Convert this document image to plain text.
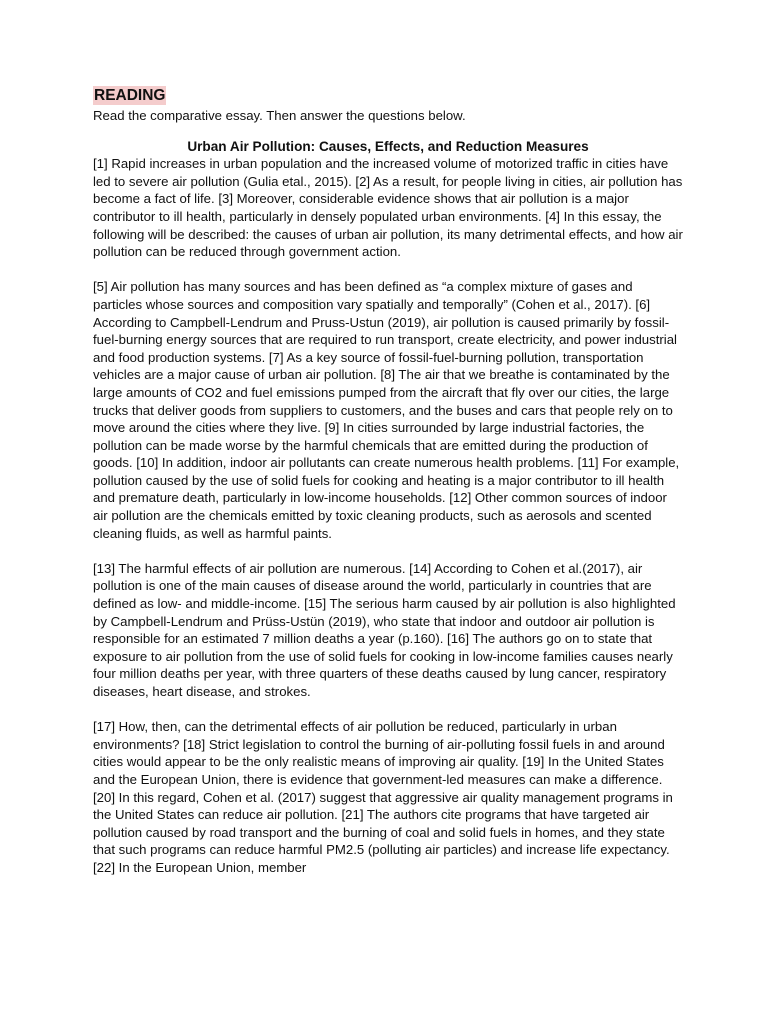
READING

Read the comparative essay. Then answer the questions below.

Urban Air Pollution: Causes, Effects, and Reduction Measures

[1] Rapid increases in urban population and the increased volume of motorized traffic in cities have led to severe air pollution (Gulia etal., 2015). [2] As a result, for people living in cities, air pollution has become a fact of life. [3] Moreover, considerable evidence shows that air pollution is a major contributor to ill health, particularly in densely populated urban environments. [4] In this essay, the following will be described: the causes of urban air pollution, its many detrimental effects, and how air pollution can be reduced through government action.

[5] Air pollution has many sources and has been defined as “a complex mixture of gases and particles whose sources and composition vary spatially and temporally” (Cohen et al., 2017). [6] According to Campbell-Lendrum and Pruss-Ustun (2019), air pollution is caused primarily by fossil-fuel-burning energy sources that are required to run transport, create electricity, and power industrial and food production systems. [7] As a key source of fossil-fuel-burning pollution, transportation vehicles are a major cause of urban air pollution. [8] The air that we breathe is contaminated by the large amounts of CO2 and fuel emissions pumped from the aircraft that fly over our cities, the large trucks that deliver goods from suppliers to customers, and the buses and cars that people rely on to move around the cities where they live. [9] In cities surrounded by large industrial factories, the pollution can be made worse by the harmful chemicals that are emitted during the production of goods. [10] In addition, indoor air pollutants can create numerous health problems. [11] For example, pollution caused by the use of solid fuels for cooking and heating is a major contributor to ill health and premature death, particularly in low-income households. [12] Other common sources of indoor air pollution are the chemicals emitted by toxic cleaning products, such as aerosols and scented cleaning fluids, as well as harmful paints.

[13] The harmful effects of air pollution are numerous. [14] According to Cohen et al.(2017), air pollution is one of the main causes of disease around the world, particularly in countries that are defined as low- and middle-income. [15] The serious harm caused by air pollution is also highlighted by Campbell-Lendrum and Prüss-Ustün (2019), who state that indoor and outdoor air pollution is responsible for an estimated 7 million deaths a year (p.160). [16] The authors go on to state that exposure to air pollution from the use of solid fuels for cooking in low-income families causes nearly four million deaths per year, with three quarters of these deaths caused by lung cancer, respiratory diseases, heart disease, and strokes.

[17] How, then, can the detrimental effects of air pollution be reduced, particularly in urban environments? [18] Strict legislation to control the burning of air-polluting fossil fuels in and around cities would appear to be the only realistic means of improving air quality. [19] In the United States and the European Union, there is evidence that government-led measures can make a difference. [20] In this regard, Cohen et al. (2017) suggest that aggressive air quality management programs in the United States can reduce air pollution. [21] The authors cite programs that have targeted air pollution caused by road transport and the burning of coal and solid fuels in homes, and they state that such programs can reduce harmful PM2.5 (polluting air particles) and increase life expectancy. [22] In the European Union, member
